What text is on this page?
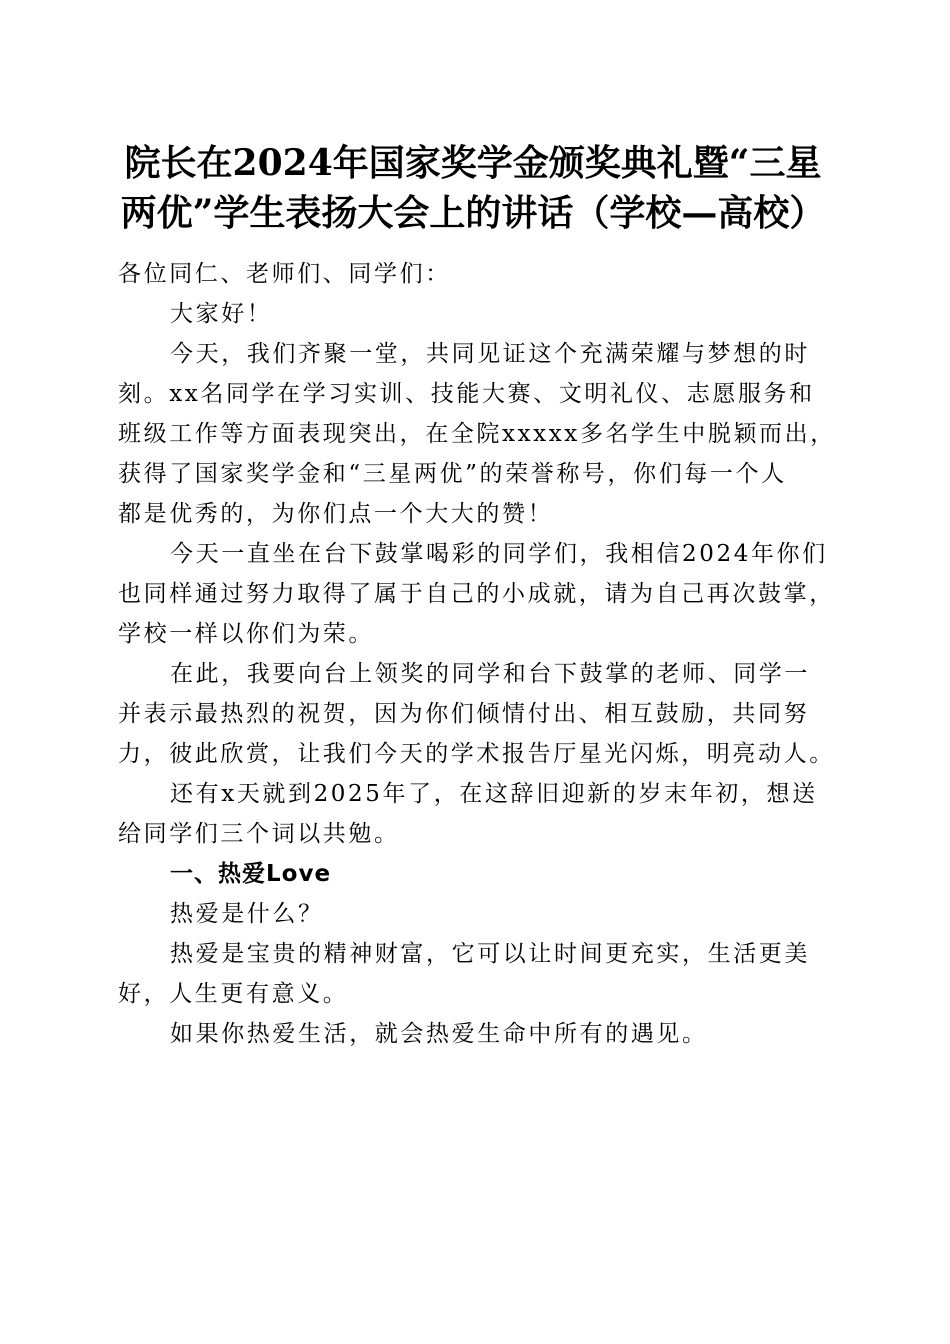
院长在2024年国家奖学金颁奖典礼暨“三星
两优”学生表扬大会上的讲话（学校—高校）
各位同仁、老师们、同学们：
大家好！
今天，我们齐聚一堂，共同见证这个充满荣耀与梦想的时
刻。xx名同学在学习实训、技能大赛、文明礼仪、志愿服务和
班级工作等方面表现突出，在全院xxxxx多名学生中脱颖而出，
获得了国家奖学金和“三星两优”的荣誉称号，你们每一个人
都是优秀的，为你们点一个大大的赞！
今天一直坐在台下鼓掌喝彩的同学们，我相信2024年你们
也同样通过努力取得了属于自己的小成就，请为自己再次鼓掌，
学校一样以你们为荣。
在此，我要向台上领奖的同学和台下鼓掌的老师、同学一
并表示最热烈的祝贺，因为你们倾情付出、相互鼓励，共同努
力，彼此欣赏，让我们今天的学术报告厅星光闪烁，明亮动人。
还有x天就到2025年了，在这辞旧迎新的岁末年初，想送
给同学们三个词以共勉。
一、热爱Love
热爱是什么？
热爱是宝贵的精神财富，它可以让时间更充实，生活更美
好，人生更有意义。
如果你热爱生活，就会热爱生命中所有的遇见。
